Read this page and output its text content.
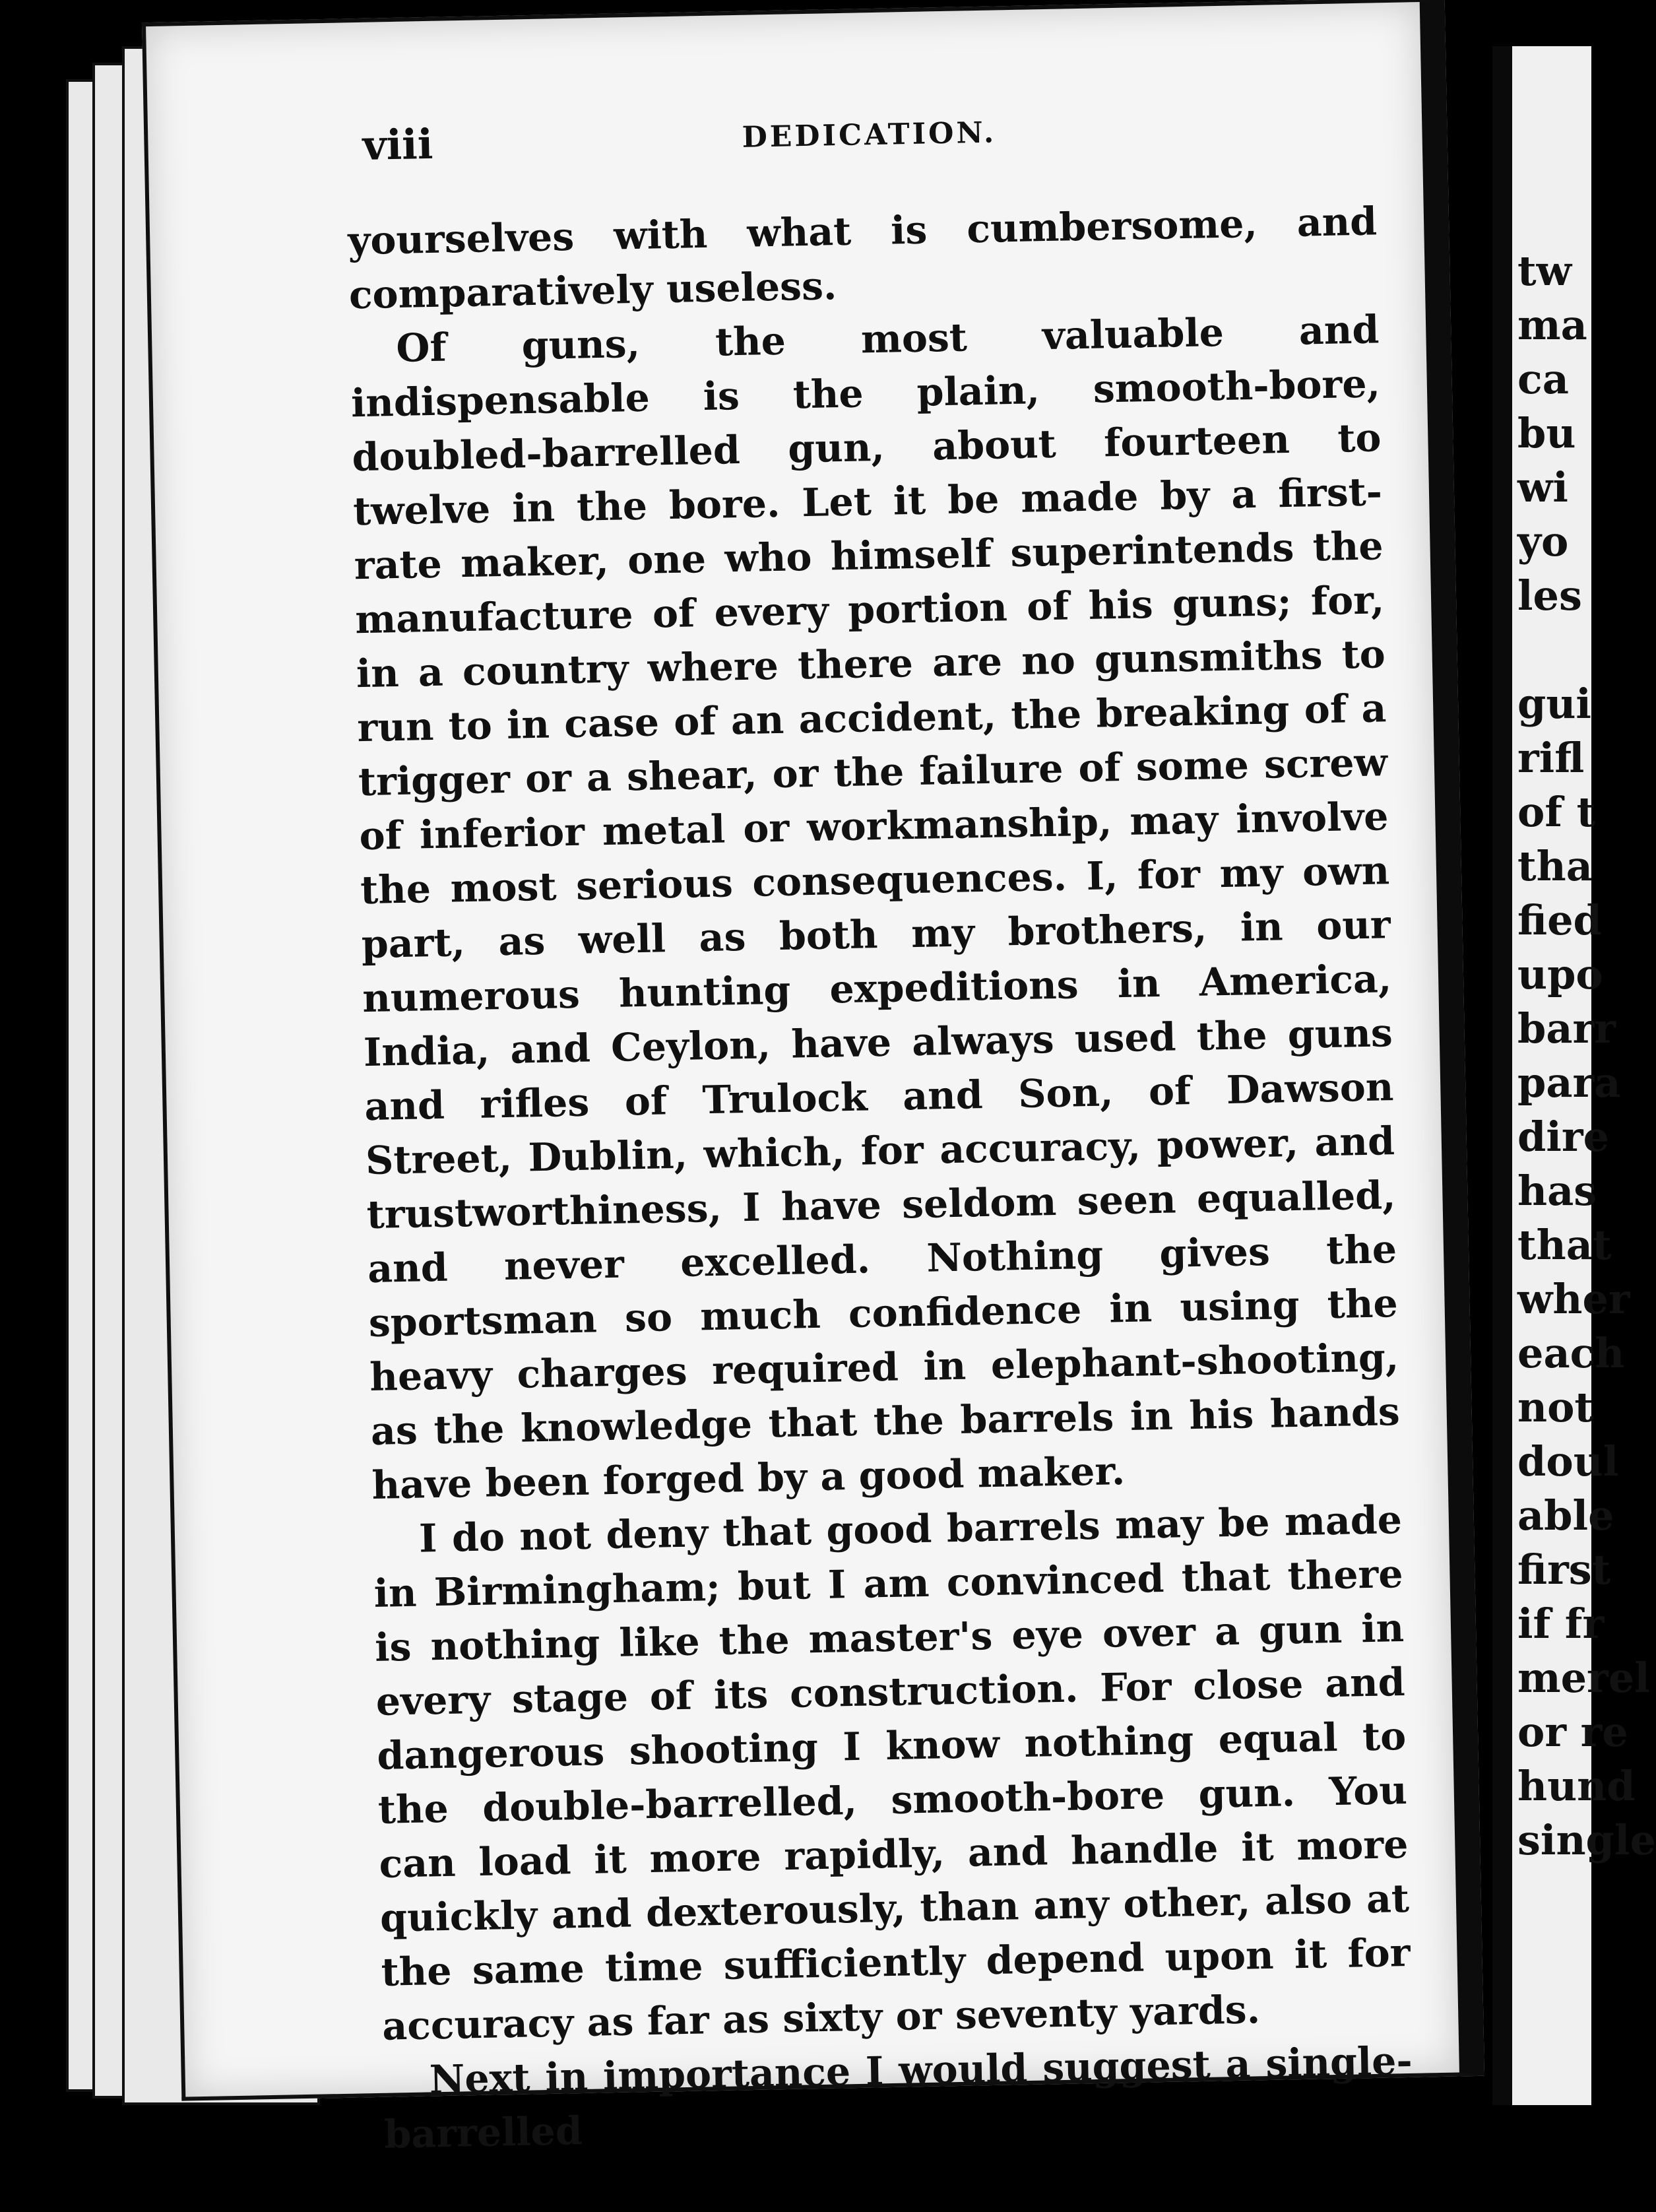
tw
ma
ca
bu
wi
yo
les

gui
rifl
of t
tha
fied
upo
barr
para
dire
has
that
wher
each
not
doul
able
first
if fr
merel
or re
hund
single
viii	DEDICATION.

yourselves with what is cumbersome, and comparatively useless.

Of guns, the most valuable and indispensable is the plain, smooth-bore, doubled-barrelled gun, about fourteen to twelve in the bore. Let it be made by a first-rate maker, one who himself superintends the manufacture of every portion of his guns; for, in a country where there are no gunsmiths to run to in case of an accident, the breaking of a trigger or a shear, or the failure of some screw of inferior metal or workmanship, may involve the most serious consequences. I, for my own part, as well as both my brothers, in our numerous hunting expeditions in America, India, and Ceylon, have always used the guns and rifles of Trulock and Son, of Dawson Street, Dublin, which, for accuracy, power, and trustworthiness, I have seldom seen equalled, and never excelled. Nothing gives the sportsman so much confidence in using the heavy charges required in elephant-shooting, as the knowledge that the barrels in his hands have been forged by a good maker.

I do not deny that good barrels may be made in Birmingham; but I am convinced that there is nothing like the master's eye over a gun in every stage of its construction. For close and dangerous shooting I know nothing equal to the double-barrelled, smooth-bore gun. You can load it more rapidly, and handle it more quickly and dexterously, than any other, also at the same time sufficiently depend upon it for accuracy as far as sixty or seventy yards.

Next in importance I would suggest a single-barrelled
